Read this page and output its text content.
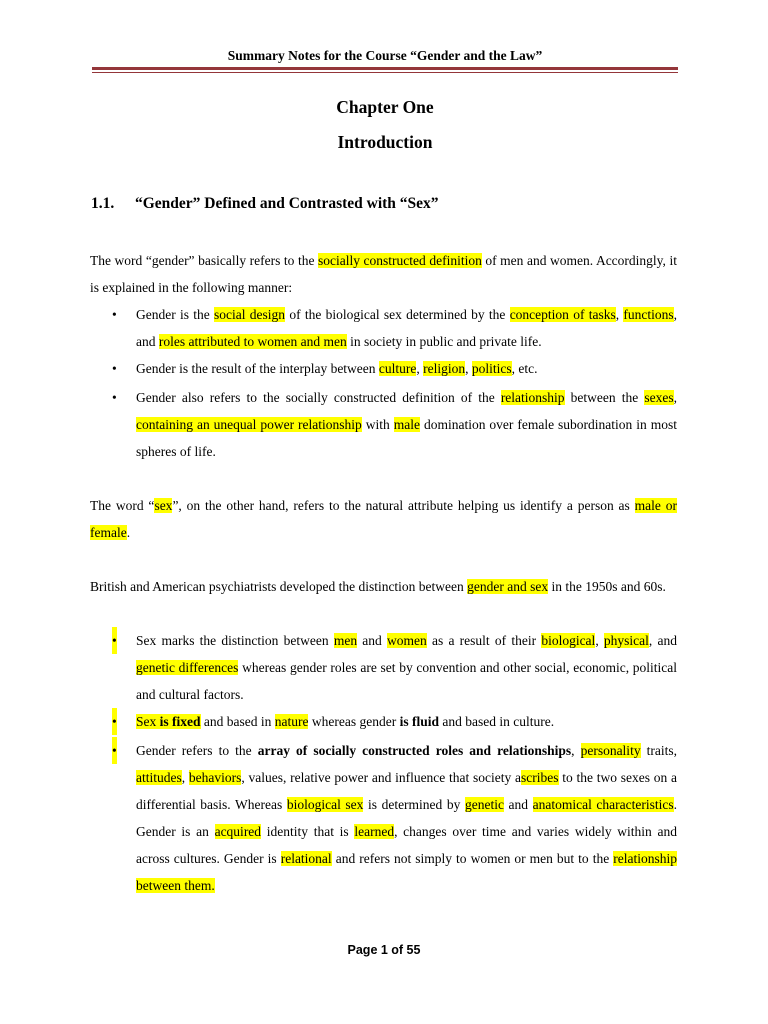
Summary Notes for the Course “Gender and the Law”
Chapter One
Introduction
1.1. “Gender” Defined and Contrasted with “Sex”

The word “gender” basically refers to the socially constructed definition of men and women. Accordingly, it is explained in the following manner:

• Gender is the social design of the biological sex determined by the conception of tasks, functions, and roles attributed to women and men in society in public and private life.

• Gender is the result of the interplay between culture, religion, politics, etc.

• Gender also refers to the socially constructed definition of the relationship between the sexes, containing an unequal power relationship with male domination over female subordination in most spheres of life.

The word “sex”, on the other hand, refers to the natural attribute helping us identify a person as male or female.

British and American psychiatrists developed the distinction between gender and sex in the 1950s and 60s.

• Sex marks the distinction between men and women as a result of their biological, physical, and genetic differences whereas gender roles are set by convention and other social, economic, political and cultural factors.

• Sex is fixed and based in nature whereas gender is fluid and based in culture.

• Gender refers to the array of socially constructed roles and relationships, personality traits, attitudes, behaviors, values, relative power and influence that society ascribes to the two sexes on a differential basis. Whereas biological sex is determined by genetic and anatomical characteristics. Gender is an acquired identity that is learned, changes over time and varies widely within and across cultures. Gender is relational and refers not simply to women or men but to the relationship between them.

Page 1 of 55
